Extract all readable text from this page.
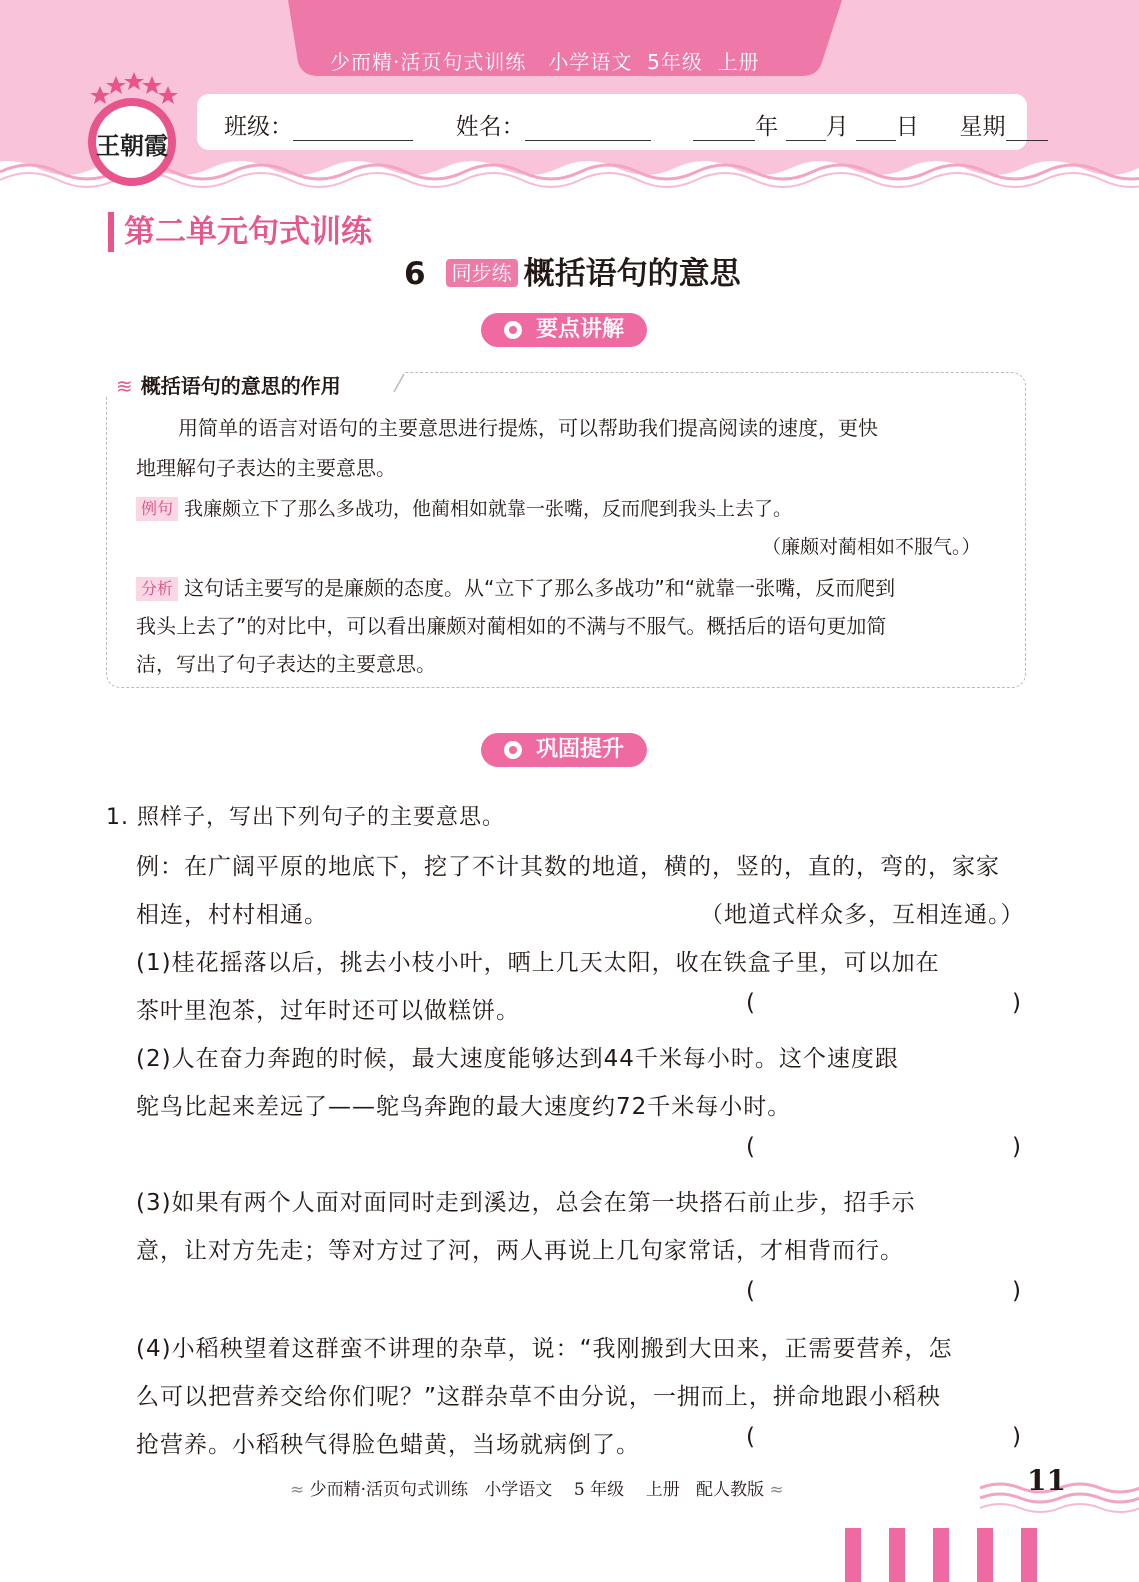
少而精·活页句式训练 小学语文 5年级 上册
班级：	姓名：	年 月 日 星期
王朝霞
第二单元句式训练
6 同步练 概括语句的意思
要点讲解
≋ 概括语句的意思的作用
用简单的语言对语句的主要意思进行提炼，可以帮助我们提高阅读的速度，更快
地理解句子表达的主要意思。
例句 我廉颇立下了那么多战功，他蔺相如就靠一张嘴，反而爬到我头上去了。
（廉颇对蔺相如不服气。）
分析 这句话主要写的是廉颇的态度。从“立下了那么多战功”和“就靠一张嘴，反而爬到
我头上去了”的对比中，可以看出廉颇对蔺相如的不满与不服气。概括后的语句更加简
洁，写出了句子表达的主要意思。
巩固提升
1. 照样子，写出下列句子的主要意思。
例：在广阔平原的地底下，挖了不计其数的地道，横的，竖的，直的，弯的，家家
相连，村村相通。	（地道式样众多，互相连通。）
(1)桂花摇落以后，挑去小枝小叶，晒上几天太阳，收在铁盒子里，可以加在
茶叶里泡茶，过年时还可以做糕饼。	(	)
(2)人在奋力奔跑的时候，最大速度能够达到44千米每小时。这个速度跟
鸵鸟比起来差远了——鸵鸟奔跑的最大速度约72千米每小时。
(	)
(3)如果有两个人面对面同时走到溪边，总会在第一块搭石前止步，招手示
意，让对方先走；等对方过了河，两人再说上几句家常话，才相背而行。
(	)
(4)小稻秧望着这群蛮不讲理的杂草，说：“我刚搬到大田来，正需要营养，怎
么可以把营养交给你们呢？”这群杂草不由分说，一拥而上，拼命地跟小稻秧
抢营养。小稻秧气得脸色蜡黄，当场就病倒了。	(	)
≈ 少而精·活页句式训练 小学语文 5 年级 上册 配人教版 ≈	11
